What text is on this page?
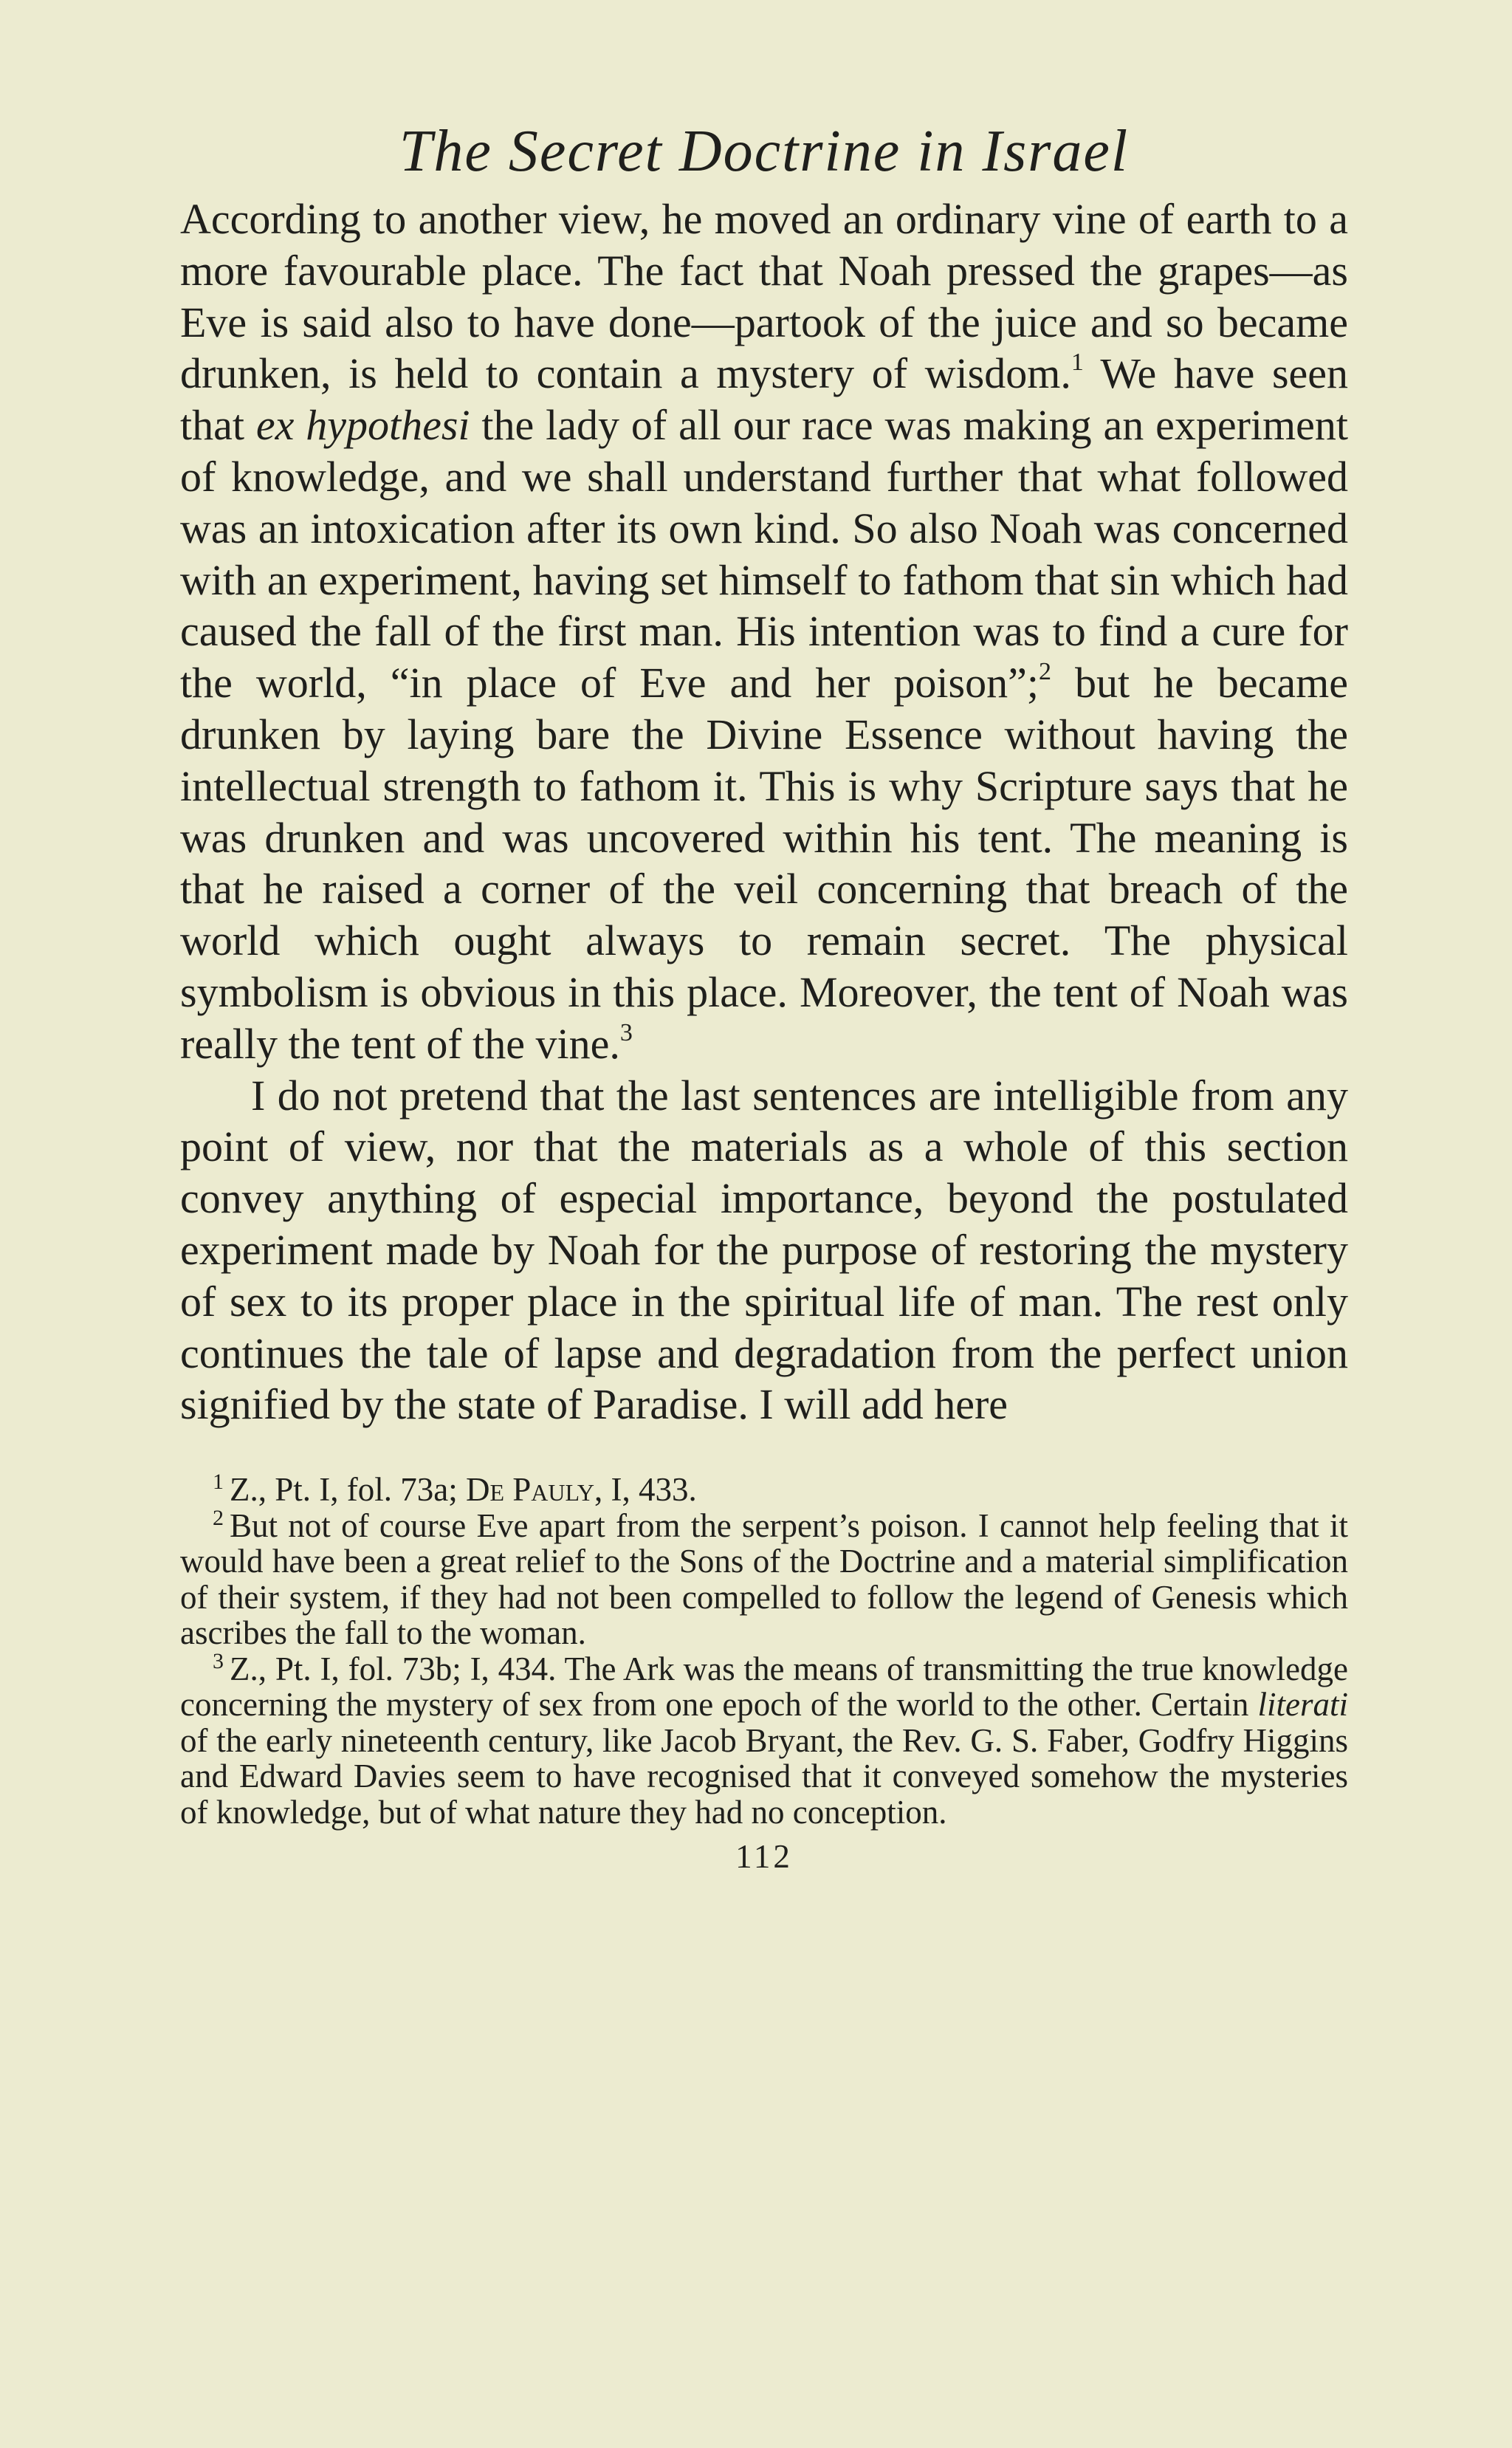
The Secret Doctrine in Israel

According to another view, he moved an ordinary vine of earth to a more favourable place. The fact that Noah pressed the grapes—as Eve is said also to have done—partook of the juice and so became drunken, is held to contain a mystery of wisdom.$^1$ We have seen that ex hypothesi the lady of all our race was making an experiment of knowledge, and we shall understand further that what followed was an intoxication after its own kind. So also Noah was concerned with an experiment, having set himself to fathom that sin which had caused the fall of the first man. His intention was to find a cure for the world, “in place of Eve and her poison”;$^2$ but he became drunken by laying bare the Divine Essence without having the intellectual strength to fathom it. This is why Scripture says that he was drunken and was uncovered within his tent. The meaning is that he raised a corner of the veil concerning that breach of the world which ought always to remain secret. The physical symbolism is obvious in this place. Moreover, the tent of Noah was really the tent of the vine.$^3$

I do not pretend that the last sentences are intelligible from any point of view, nor that the materials as a whole of this section convey anything of especial importance, beyond the postulated experiment made by Noah for the purpose of restoring the mystery of sex to its proper place in the spiritual life of man. The rest only continues the tale of lapse and degradation from the perfect union signified by the state of Paradise. I will add here

$^1$ Z., Pt. I, fol. 73a; De Pauly, I, 433.

$^2$ But not of course Eve apart from the serpent’s poison. I cannot help feeling that it would have been a great relief to the Sons of the Doctrine and a material simplification of their system, if they had not been compelled to follow the legend of Genesis which ascribes the fall to the woman.

$^3$ Z., Pt. I, fol. 73b; I, 434. The Ark was the means of transmitting the true knowledge concerning the mystery of sex from one epoch of the world to the other. Certain literati of the early nineteenth century, like Jacob Bryant, the Rev. G. S. Faber, Godfry Higgins and Edward Davies seem to have recognised that it conveyed somehow the mysteries of knowledge, but of what nature they had no conception.

112
